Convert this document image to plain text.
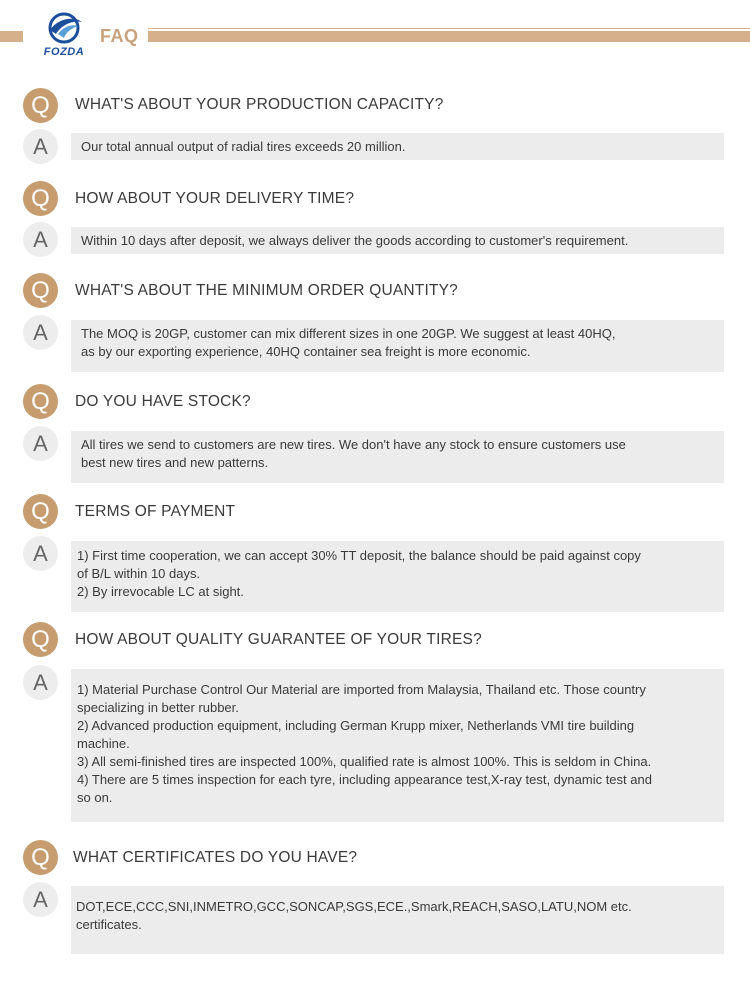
FOZDA
FAQ
Q	WHAT'S ABOUT YOUR PRODUCTION CAPACITY?
A	Our total annual output of radial tires exceeds 20 million.
Q	HOW ABOUT YOUR DELIVERY TIME?
A	Within 10 days after deposit, we always deliver the goods according to customer's requirement.
Q	WHAT'S ABOUT THE MINIMUM ORDER QUANTITY?
A	The MOQ is 20GP, customer can mix different sizes in one 20GP. We suggest at least 40HQ,
as by our exporting experience, 40HQ container sea freight is more economic.
Q	DO YOU HAVE STOCK?
A	All tires we send to customers are new tires. We don't have any stock to ensure customers use
best new tires and new patterns.
Q	TERMS OF PAYMENT
A	1) First time cooperation, we can accept 30% TT deposit, the balance should be paid against copy
of B/L within 10 days.
2) By irrevocable LC at sight.
Q	HOW ABOUT QUALITY GUARANTEE OF YOUR TIRES?
A	1) Material Purchase Control Our Material are imported from Malaysia, Thailand etc. Those country
specializing in better rubber.
2) Advanced production equipment, including German Krupp mixer, Netherlands VMI tire building
machine.
3) All semi-finished tires are inspected 100%, qualified rate is almost 100%. This is seldom in China.
4) There are 5 times inspection for each tyre, including appearance test,X-ray test, dynamic test and
so on.
Q	WHAT CERTIFICATES DO YOU HAVE?
A	DOT,ECE,CCC,SNI,INMETRO,GCC,SONCAP,SGS,ECE.,Smark,REACH,SASO,LATU,NOM etc.
certificates.
